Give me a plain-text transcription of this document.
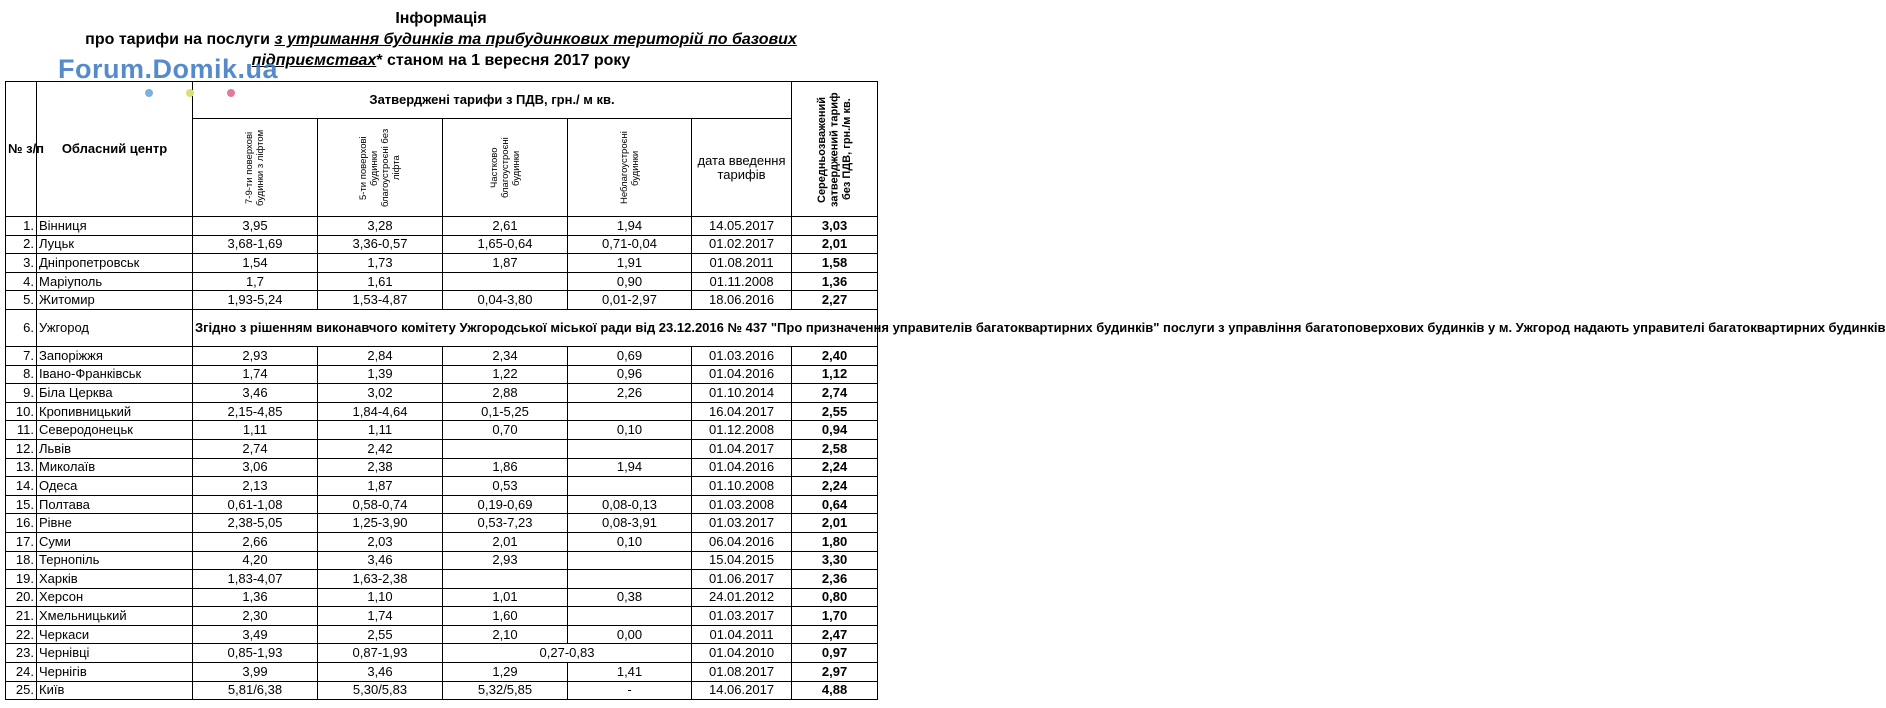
Інформація
про тарифи на послуги з утримання будинків та прибудинкових територій по базових
підприємствах* станом на 1 вересня 2017 року
№ з/п	Обласний центр	Затверджені тарифи з ПДВ, грн./ м кв.					Середньозважений затверджений тариф без ПДВ, грн./м кв.

		7-9-ти поверхові будинки з ліфтом	5-ти поверхові будинки благоустроєні без ліфта	Частково благоустроєні будинки	Неблагоустроєні будинки	дата введення тарифів	
1.	Вінниця	3,95	3,28	2,61	1,94	14.05.2017	3,03
2.	Луцьк	3,68-1,69	3,36-0,57	1,65-0,64	0,71-0,04	01.02.2017	2,01
3.	Дніпропетровськ	1,54	1,73	1,87	1,91	01.08.2011	1,58
4.	Маріуполь	1,7	1,61		0,90	01.11.2008	1,36
5.	Житомир	1,93-5,24	1,53-4,87	0,04-3,80	0,01-2,97	18.06.2016	2,27
6.	Ужгород	Згідно з рішенням виконавчого комітету Ужгородської міської ради від 23.12.2016 № 437 "Про призначення управителів багатоквартирних будинків" послуги з управління багатоповерхових будинків у м. Ужгород надають управителі багатоквартирних будинків					
7.	Запоріжжя	2,93	2,84	2,34	0,69	01.03.2016	2,40
8.	Івано-Франківськ	1,74	1,39	1,22	0,96	01.04.2016	1,12
9.	Біла Церква	3,46	3,02	2,88	2,26	01.10.2014	2,74
10.	Кропивницький	2,15-4,85	1,84-4,64	0,1-5,25		16.04.2017	2,55
11.	Северодонецьк	1,11	1,11	0,70	0,10	01.12.2008	0,94
12.	Львів	2,74	2,42			01.04.2017	2,58
13.	Миколаїв	3,06	2,38	1,86	1,94	01.04.2016	2,24
14.	Одеса	2,13	1,87	0,53		01.10.2008	2,24
15.	Полтава	0,61-1,08	0,58-0,74	0,19-0,69	0,08-0,13	01.03.2008	0,64
16.	Рівне	2,38-5,05	1,25-3,90	0,53-7,23	0,08-3,91	01.03.2017	2,01
17.	Суми	2,66	2,03	2,01	0,10	06.04.2016	1,80
18.	Тернопіль	4,20	3,46	2,93		15.04.2015	3,30
19.	Харків	1,83-4,07	1,63-2,38			01.06.2017	2,36
20.	Херсон	1,36	1,10	1,01	0,38	24.01.2012	0,80
21.	Хмельницький	2,30	1,74	1,60		01.03.2017	1,70
22.	Черкаси	3,49	2,55	2,10	0,00	01.04.2011	2,47
23.	Чернівці	0,85-1,93	0,87-1,93	0,27-0,83		01.04.2010	0,97
24.	Чернігів	3,99	3,46	1,29	1,41	01.08.2017	2,97
25.	Київ	5,81/6,38	5,30/5,83	5,32/5,85	-	14.06.2017	4,88
Forum.Domik.ua
